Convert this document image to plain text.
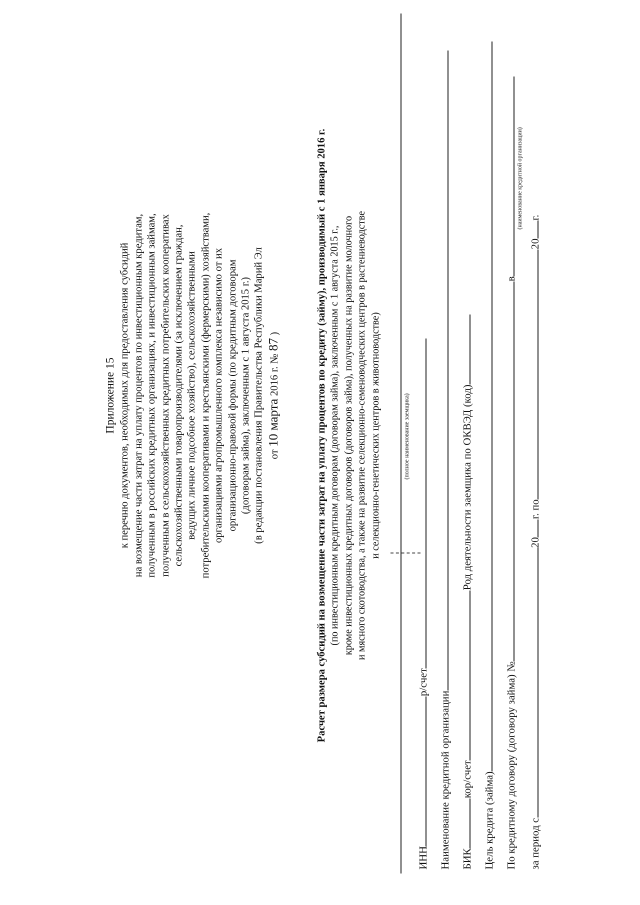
Приложение 15 к перечню документов, необходимых для предоставления субсидий на возмещение части затрат на уплату процентов по инвестиционным кредитам, полученным в российских кредитных организациях, и инвестиционным займам, полученным в сельскохозяйственных кредитных потребительских кооперативах сельскохозяйственными товаропроизводителями (за исключением граждан, ведущих личное подсобное хозяйство), сельскохозяйственными потребительскими кооперативами и крестьянскими (фермерскими) хозяйствами, организациями агропромышленного комплекса независимо от их организационно-правовой формы (по кредитным договорам (договорам займа), заключенным с 1 августа 2015 г.) (в редакции постановления Правительства Республики Марий Эл от 10 марта 2016 г. № 87 )	Расчет размера субсидий на возмещение части затрат на уплату процентов по кредиту (займу), производимый с 1 января 2016 г. (по инвестиционным кредитным договорам (договорам займа), заключенным с 1 августа 2015 г., кроме инвестиционных кредитных договоров (договоров займа), полученных на развитие молочного и мясного скотоводства, а также на развитие селекционно-семеноводческих центров в растениеводстве и селекционно-генетических центров в животноводстве)	(полное наименование заемщика)
ИННр/счет
Наименование кредитной организации БИКкор/счетРод деятельности заемщика по ОКВЭД (код)
Цель кредита (займа) По кредитному договору (договору займа) №в
(наименование кредитной организации)
за период с20г. по20г.
